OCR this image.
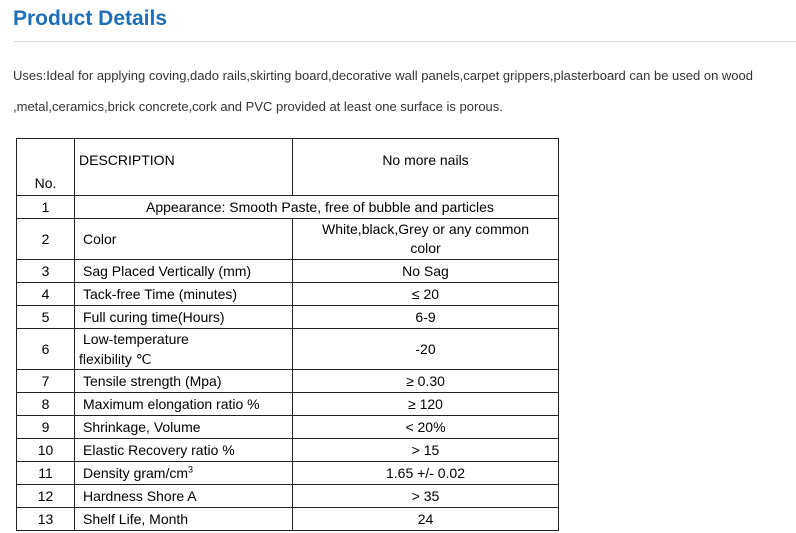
Product Details
Uses:Ideal for applying coving,dado rails,skirting board,decorative wall panels,carpet grippers,plasterboard can be used on wood
,metal,ceramics,brick concrete,cork and PVC provided at least one surface is porous.
No.	DESCRIPTION	No more nails
1	Appearance: Smooth Paste, free of bubble and particles	
2	Color	White,black,Grey or any common
color
3	Sag Placed Vertically (mm)	No Sag
4	Tack-free Time (minutes)	≤ 20
5	Full curing time(Hours)	6-9
6	Low-temperature
flexibility ℃	-20
7	Tensile strength (Mpa)	≥ 0.30
8	Maximum elongation ratio %	≥ 120
9	Shrinkage, Volume	< 20%
10	Elastic Recovery ratio %	> 15
11	Density gram/$cm^3$	1.65 +/- 0.02
12	Hardness Shore A	> 35
13	Shelf Life, Month	24
